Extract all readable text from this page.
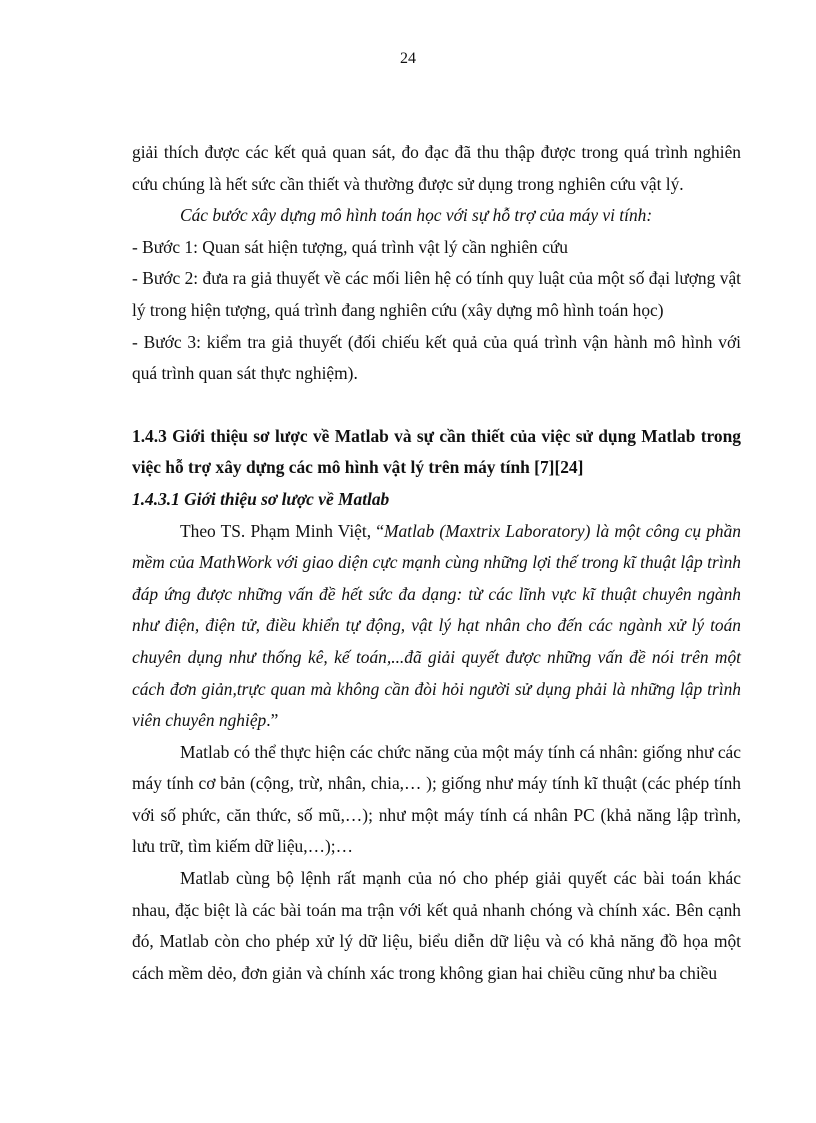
24

giải thích được các kết quả quan sát, đo đạc đã thu thập được trong quá trình nghiên cứu chúng là hết sức cần thiết và thường được sử dụng trong nghiên cứu vật lý.

Các bước xây dựng mô hình toán học với sự hỗ trợ của máy vi tính:

- Bước 1: Quan sát hiện tượng, quá trình vật lý cần nghiên cứu

- Bước 2: đưa ra giả thuyết về các mối liên hệ có tính quy luật của một số đại lượng vật lý trong hiện tượng, quá trình đang nghiên cứu (xây dựng mô hình toán học)

- Bước 3: kiểm tra giả thuyết (đối chiếu kết quả của quá trình vận hành mô hình với quá trình quan sát thực nghiệm).

1.4.3 Giới thiệu sơ lược về Matlab và sự cần thiết của việc sử dụng Matlab trong việc hỗ trợ xây dựng các mô hình vật lý trên máy tính [7][24]

1.4.3.1 Giới thiệu sơ lược về Matlab

Theo TS. Phạm Minh Việt, “Matlab (Maxtrix Laboratory) là một công cụ phần mềm của MathWork với giao diện cực mạnh cùng những lợi thế trong kĩ thuật lập trình đáp ứng được những vấn đề hết sức đa dạng: từ các lĩnh vực kĩ thuật chuyên ngành như điện, điện tử, điều khiển tự động, vật lý hạt nhân cho đến các ngành xử lý toán chuyên dụng như thống kê, kế toán,...đã giải quyết được những vấn đề nói trên một cách đơn giản,trực quan mà không cần đòi hỏi người sử dụng phải là những lập trình viên chuyên nghiệp.”

Matlab có thể thực hiện các chức năng của một máy tính cá nhân: giống như các máy tính cơ bản (cộng, trừ, nhân, chia,… ); giống như máy tính kĩ thuật (các phép tính với số phức, căn thức, số mũ,…); như một máy tính cá nhân PC (khả năng lập trình, lưu trữ, tìm kiếm dữ liệu,…);…

Matlab cùng bộ lệnh rất mạnh của nó cho phép giải quyết các bài toán khác nhau, đặc biệt là các bài toán ma trận với kết quả nhanh chóng và chính xác. Bên cạnh đó, Matlab còn cho phép xử lý dữ liệu, biểu diễn dữ liệu và có khả năng đồ họa một cách mềm dẻo, đơn giản và chính xác trong không gian hai chiều cũng như ba chiều
